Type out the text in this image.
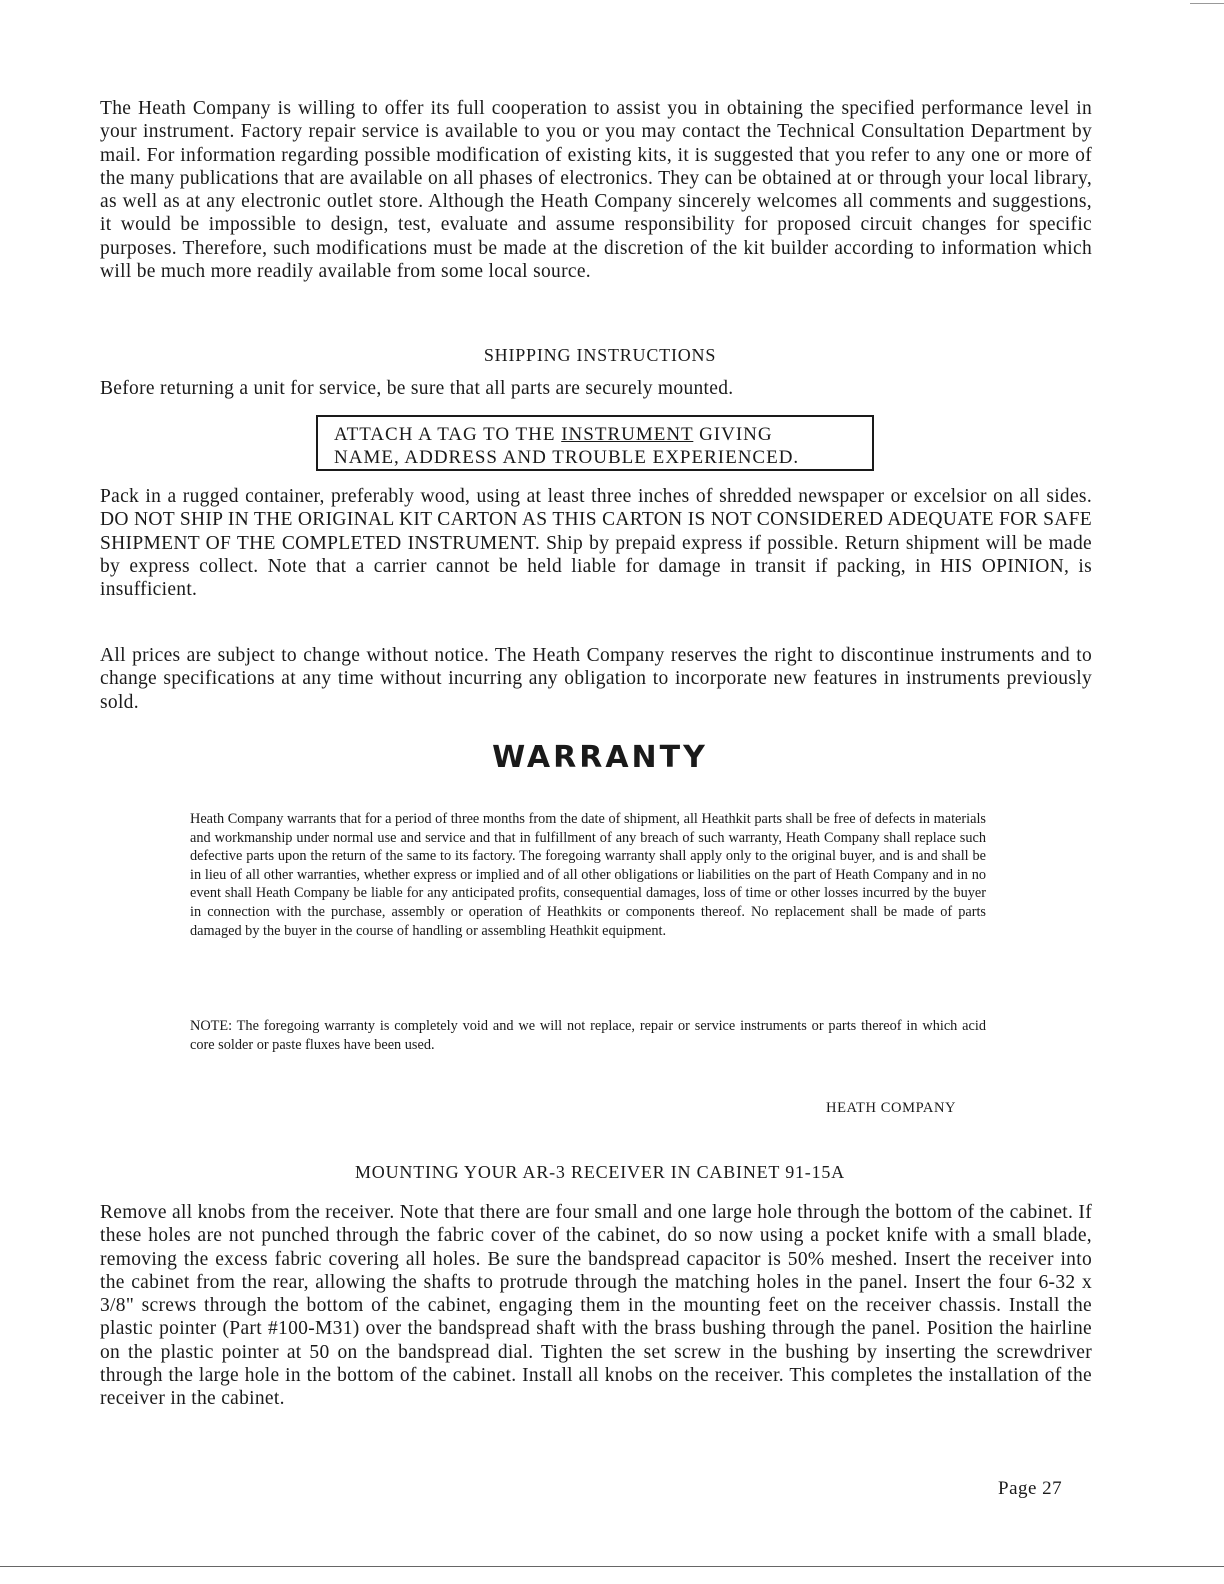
The Heath Company is willing to offer its full cooperation to assist you in obtaining the specified performance level in your instrument. Factory repair service is available to you or you may contact the Technical Consultation Department by mail. For information regarding possible modification of existing kits, it is suggested that you refer to any one or more of the many publications that are available on all phases of electronics. They can be obtained at or through your local library, as well as at any electronic outlet store. Although the Heath Company sincerely welcomes all comments and suggestions, it would be impossible to design, test, evaluate and assume responsibility for proposed circuit changes for specific purposes. Therefore, such modifications must be made at the discretion of the kit builder according to information which will be much more readily available from some local source.

SHIPPING INSTRUCTIONS

Before returning a unit for service, be sure that all parts are securely mounted.

ATTACH A TAG TO THE INSTRUMENT GIVING
NAME, ADDRESS AND TROUBLE EXPERIENCED.

Pack in a rugged container, preferably wood, using at least three inches of shredded newspaper or excelsior on all sides. DO NOT SHIP IN THE ORIGINAL KIT CARTON AS THIS CARTON IS NOT CONSIDERED ADEQUATE FOR SAFE SHIPMENT OF THE COMPLETED INSTRUMENT. Ship by prepaid express if possible. Return shipment will be made by express collect. Note that a carrier cannot be held liable for damage in transit if packing, in HIS OPINION, is insufficient.

All prices are subject to change without notice. The Heath Company reserves the right to discontinue instruments and to change specifications at any time without incurring any obligation to incorporate new features in instruments previously sold.

WARRANTY

Heath Company warrants that for a period of three months from the date of shipment, all Heathkit parts shall be free of defects in materials and workmanship under normal use and service and that in fulfillment of any breach of such warranty, Heath Company shall replace such defective parts upon the return of the same to its factory. The foregoing warranty shall apply only to the original buyer, and is and shall be in lieu of all other warranties, whether express or implied and of all other obligations or liabilities on the part of Heath Company and in no event shall Heath Company be liable for any anticipated profits, consequential damages, loss of time or other losses incurred by the buyer in connection with the purchase, assembly or operation of Heathkits or components thereof. No replacement shall be made of parts damaged by the buyer in the course of handling or assembling Heathkit equipment.

NOTE: The foregoing warranty is completely void and we will not replace, repair or service instruments or parts thereof in which acid core solder or paste fluxes have been used.

HEATH COMPANY

MOUNTING YOUR AR-3 RECEIVER IN CABINET 91-15A

Remove all knobs from the receiver. Note that there are four small and one large hole through the bottom of the cabinet. If these holes are not punched through the fabric cover of the cabinet, do so now using a pocket knife with a small blade, removing the excess fabric covering all holes. Be sure the bandspread capacitor is 50% meshed. Insert the receiver into the cabinet from the rear, allowing the shafts to protrude through the matching holes in the panel. Insert the four 6-32 x 3/8" screws through the bottom of the cabinet, engaging them in the mounting feet on the receiver chassis. Install the plastic pointer (Part #100-M31) over the bandspread shaft with the brass bushing through the panel. Position the hairline on the plastic pointer at 50 on the bandspread dial. Tighten the set screw in the bushing by inserting the screwdriver through the large hole in the bottom of the cabinet. Install all knobs on the receiver. This completes the installation of the receiver in the cabinet.

Page 27
